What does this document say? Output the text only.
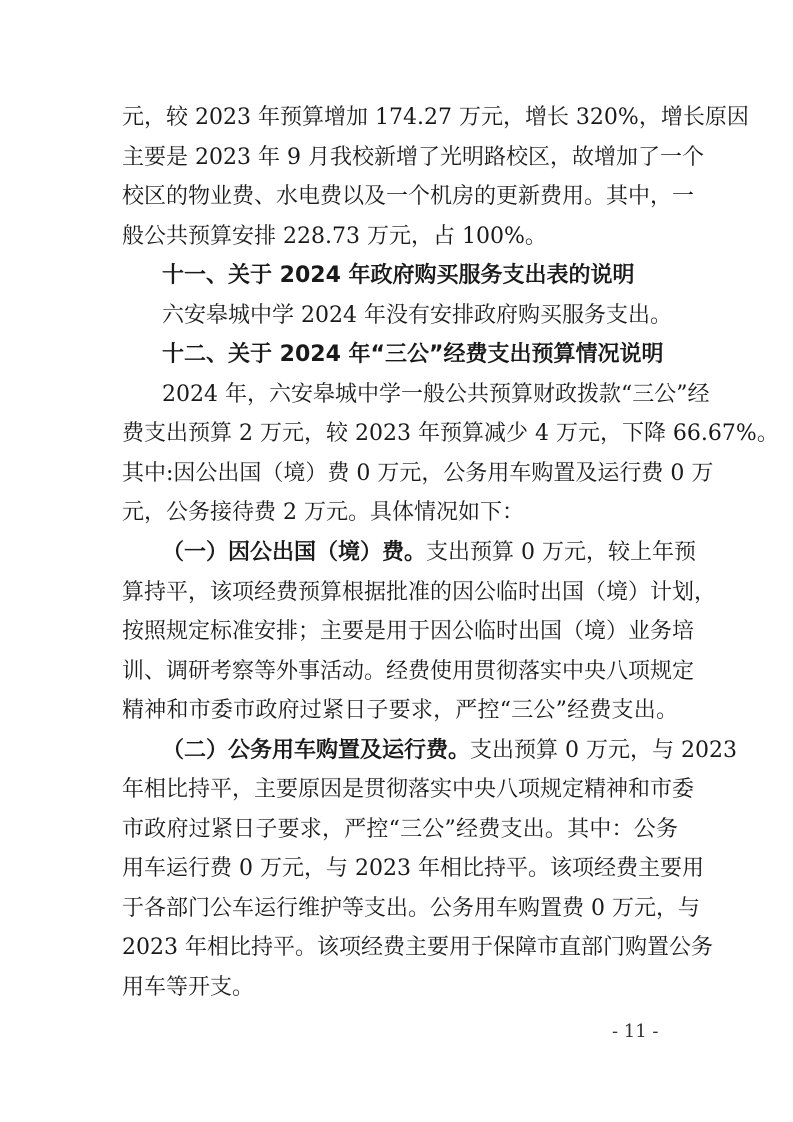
元，较 2023 年预算增加 174.27 万元，增长 320%，增长原因
主要是 2023 年 9 月我校新增了光明路校区，故增加了一个
校区的物业费、水电费以及一个机房的更新费用。其中，一
般公共预算安排 228.73 万元，占 100%。
十一、关于 2024 年政府购买服务支出表的说明
六安皋城中学 2024 年没有安排政府购买服务支出。
十二、关于 2024 年“三公”经费支出预算情况说明
2024 年，六安皋城中学一般公共预算财政拨款“三公”经
费支出预算 2 万元，较 2023 年预算减少 4 万元，下降 66.67%。
其中:因公出国（境）费 0 万元，公务用车购置及运行费 0 万
元，公务接待费 2 万元。具体情况如下：
（一）因公出国（境）费。支出预算 0 万元，较上年预
算持平，该项经费预算根据批准的因公临时出国（境）计划，
按照规定标准安排；主要是用于因公临时出国（境）业务培
训、调研考察等外事活动。经费使用贯彻落实中央八项规定
精神和市委市政府过紧日子要求，严控“三公”经费支出。
（二）公务用车购置及运行费。支出预算 0 万元，与 2023
年相比持平，主要原因是贯彻落实中央八项规定精神和市委
市政府过紧日子要求，严控“三公”经费支出。其中：公务
用车运行费 0 万元，与 2023 年相比持平。该项经费主要用
于各部门公车运行维护等支出。公务用车购置费 0 万元，与
2023 年相比持平。该项经费主要用于保障市直部门购置公务
- 11 -
用车等开支。
